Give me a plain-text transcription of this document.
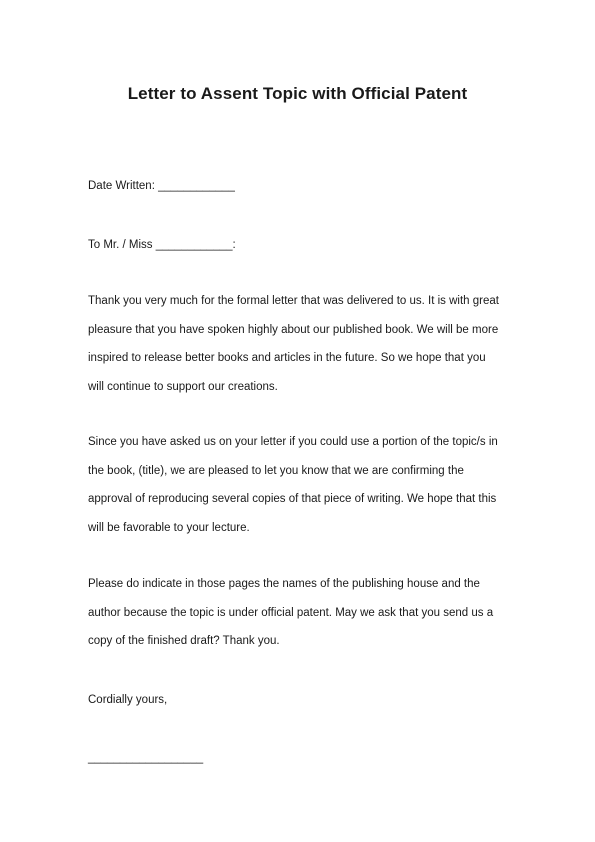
Letter to Assent Topic with Official Patent
Date Written: ____________
To Mr. / Miss ____________:
Thank you very much for the formal letter that was delivered to us. It is with great
pleasure that you have spoken highly about our published book. We will be more
inspired to release better books and articles in the future. So we hope that you
will continue to support our creations.
Since you have asked us on your letter if you could use a portion of the topic/s in
the book, (title), we are pleased to let you know that we are confirming the
approval of reproducing several copies of that piece of writing. We hope that this
will be favorable to your lecture.
Please do indicate in those pages the names of the publishing house and the
author because the topic is under official patent. May we ask that you send us a
copy of the finished draft? Thank you.
Cordially yours,
__________________
